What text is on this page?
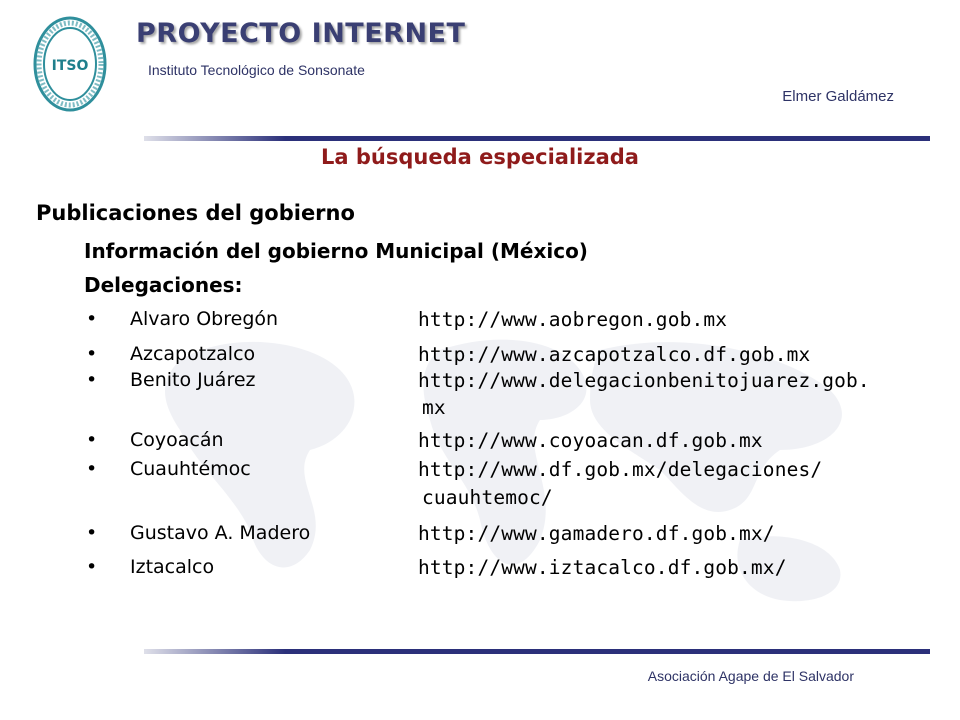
ITSO
PROYECTO INTERNET
Instituto Tecnológico de Sonsonate
Elmer Galdámez
La búsqueda especializada
Publicaciones del gobierno
Información del gobierno Municipal (México)
Delegaciones:
• Alvaro Obregón	http://www.aobregon.gob.mx
• Azcapotzalco	http://www.azcapotzalco.df.gob.mx
• Benito Juárez	http://www.delegacionbenitojuarez.gob.
mx
• Coyoacán	http://www.coyoacan.df.gob.mx
• Cuauhtémoc	http://www.df.gob.mx/delegaciones/
cuauhtemoc/
• Gustavo A. Madero	http://www.gamadero.df.gob.mx/
• Iztacalco	http://www.iztacalco.df.gob.mx/
Asociación Agape de El Salvador
